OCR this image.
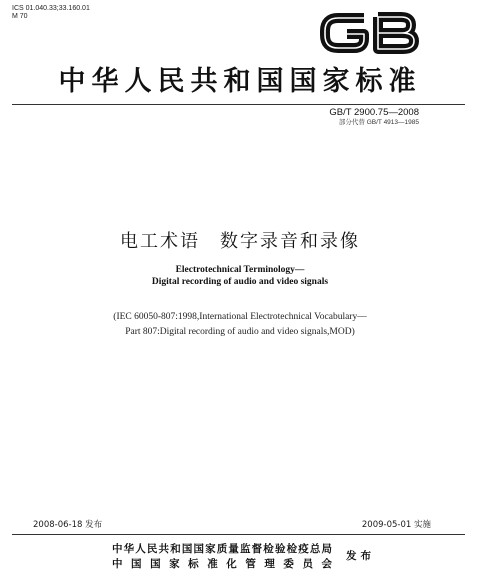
ICS 01.040.33;33.160.01
M 70
中华人民共和国国家标准
GB/T 2900.75—2008
部分代替 GB/T 4913—1985
电工术语　数字录音和录像
Electrotechnical Terminology—
Digital recording of audio and video signals
(IEC 60050-807:1998,International Electrotechnical Vocabulary—
Part 807:Digital recording of audio and video signals,MOD)
2008-06-18 发布	2009-05-01 实施
中华人民共和国国家质量监督检验检疫总局
中 国 国 家 标 准 化 管 理 委 员 会
发布
